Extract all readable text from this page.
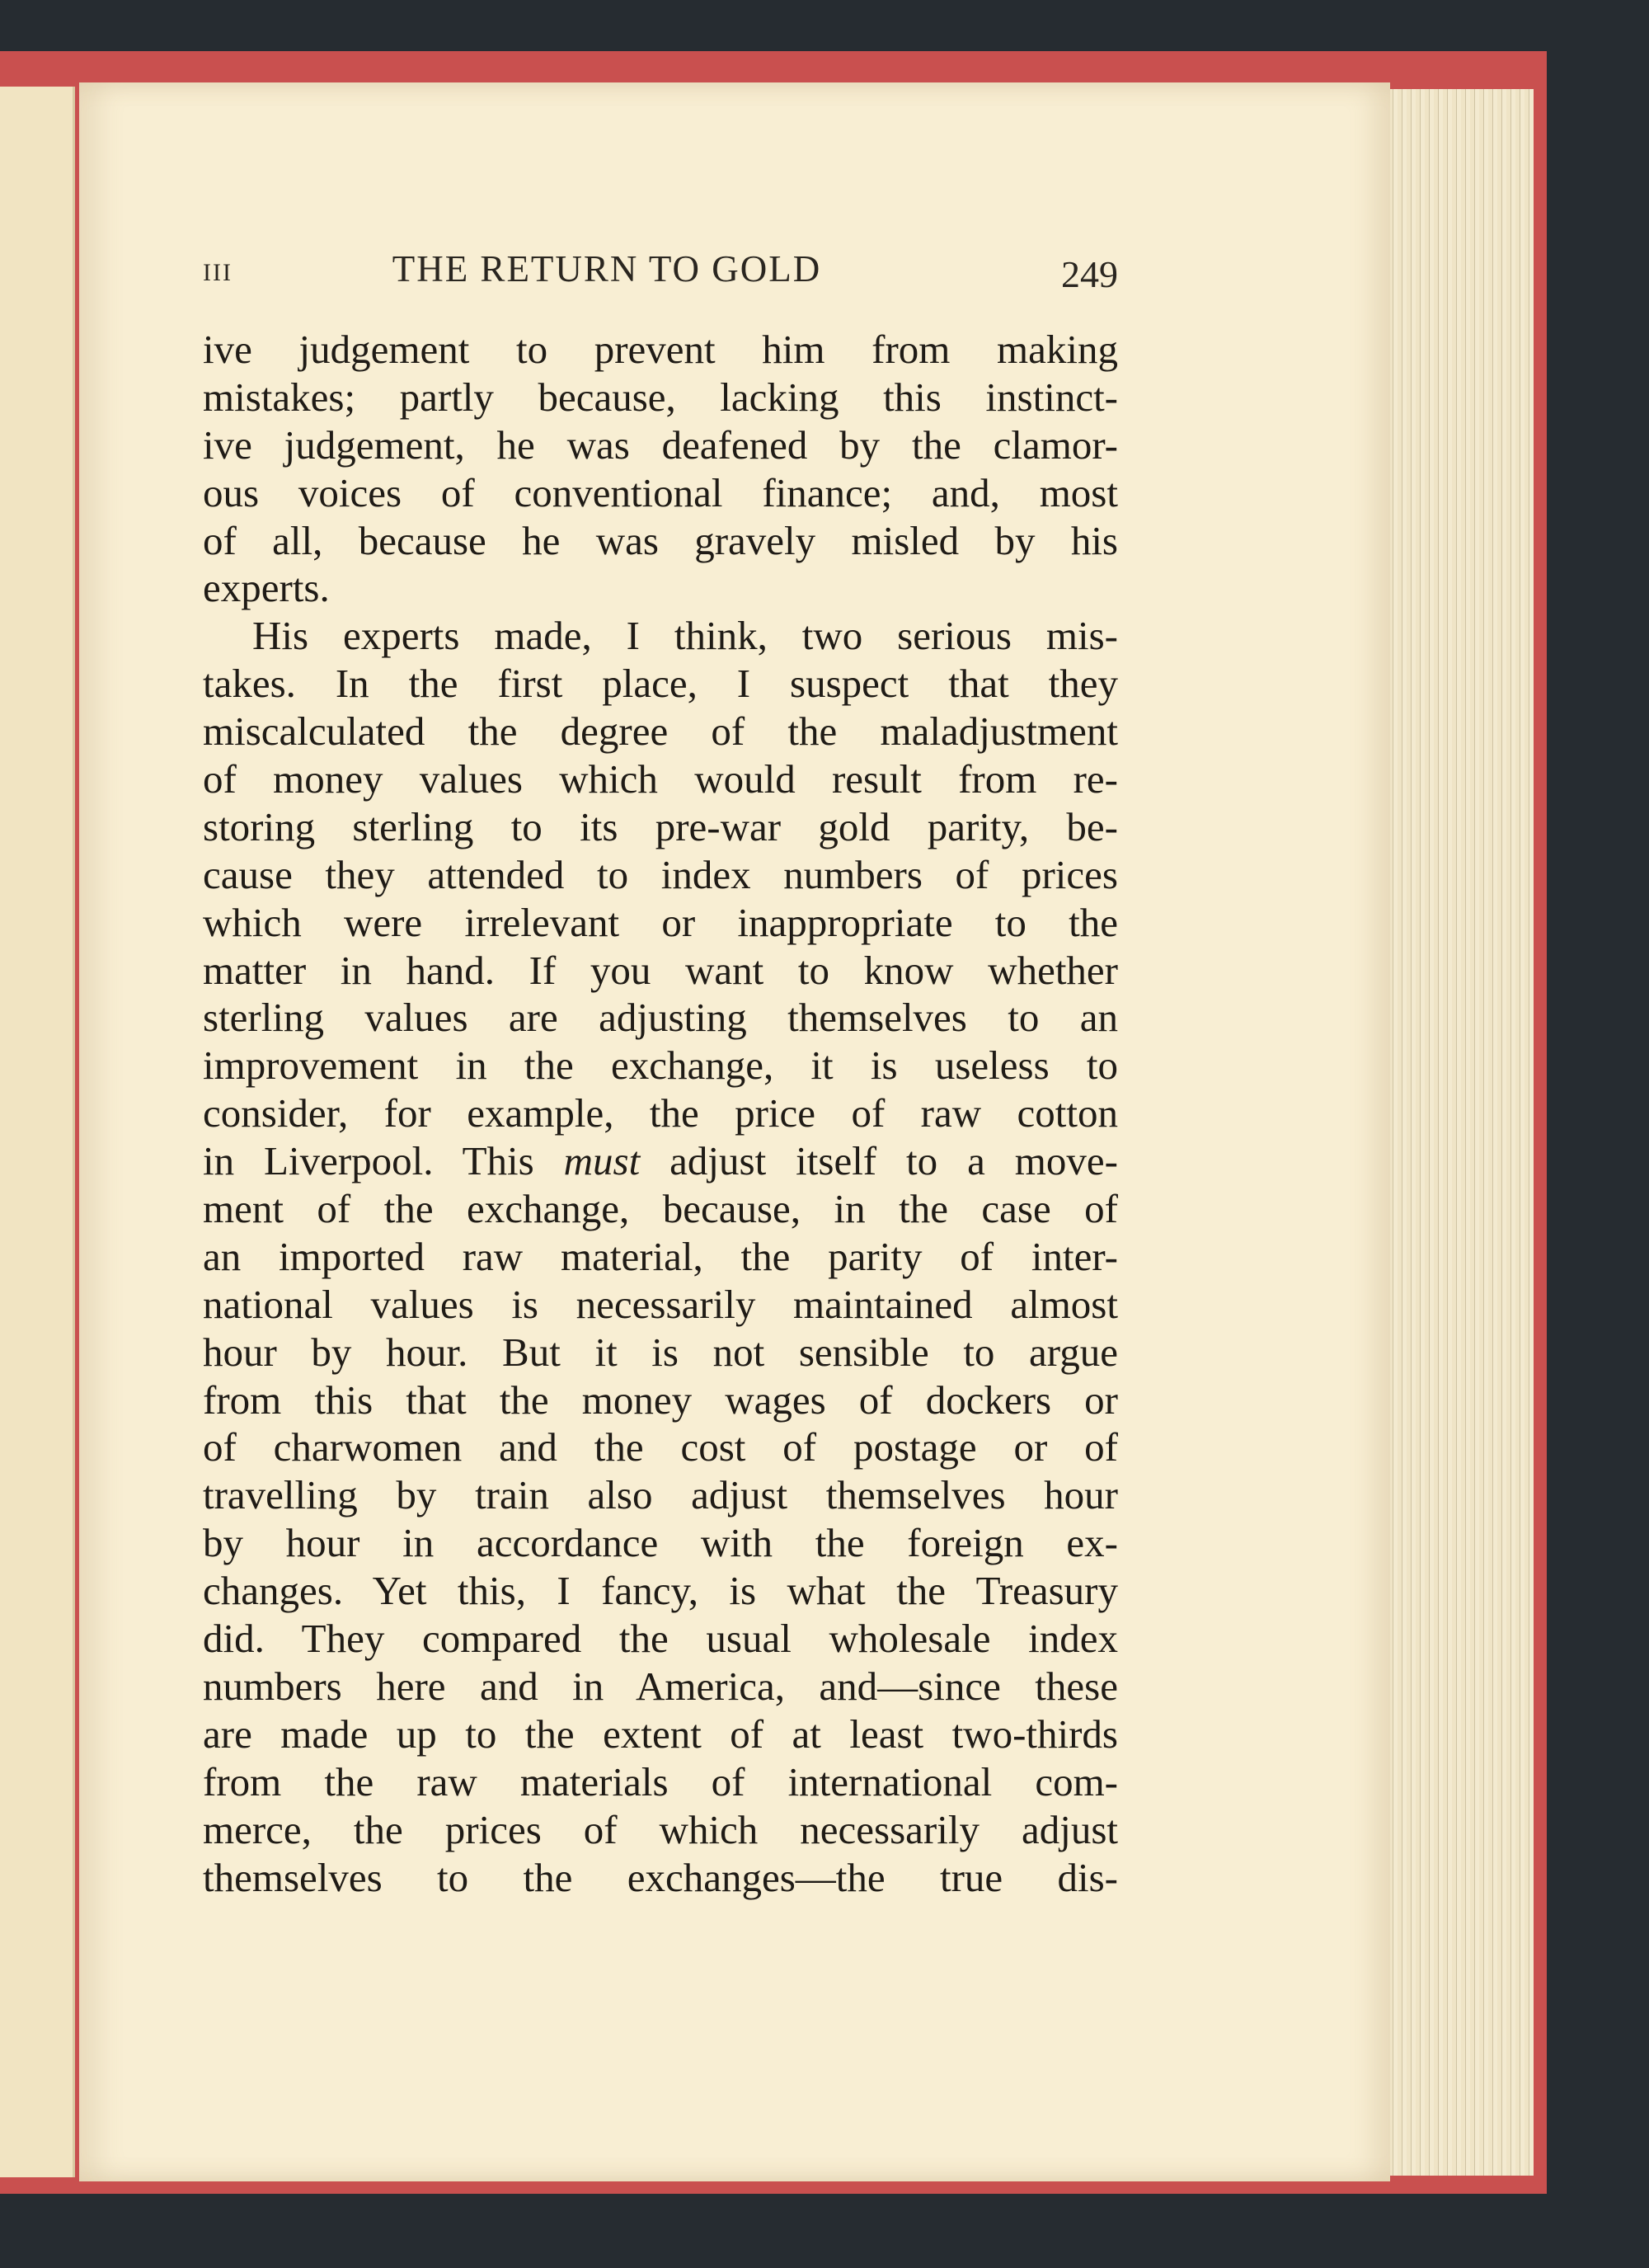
III	THE RETURN TO GOLD	249
ive judgement to prevent him from making
mistakes; partly because, lacking this instinct-
ive judgement, he was deafened by the clamor-
ous voices of conventional finance; and, most
of all, because he was gravely misled by his
experts.
His experts made, I think, two serious mis-
takes. In the first place, I suspect that they
miscalculated the degree of the maladjustment
of money values which would result from re-
storing sterling to its pre-war gold parity, be-
cause they attended to index numbers of prices
which were irrelevant or inappropriate to the
matter in hand. If you want to know whether
sterling values are adjusting themselves to an
improvement in the exchange, it is useless to
consider, for example, the price of raw cotton
in Liverpool. This must adjust itself to a move-
ment of the exchange, because, in the case of
an imported raw material, the parity of inter-
national values is necessarily maintained almost
hour by hour. But it is not sensible to argue
from this that the money wages of dockers or
of charwomen and the cost of postage or of
travelling by train also adjust themselves hour
by hour in accordance with the foreign ex-
changes. Yet this, I fancy, is what the Treasury
did. They compared the usual wholesale index
numbers here and in America, and—since these
are made up to the extent of at least two-thirds
from the raw materials of international com-
merce, the prices of which necessarily adjust
themselves to the exchanges—the true dis-
